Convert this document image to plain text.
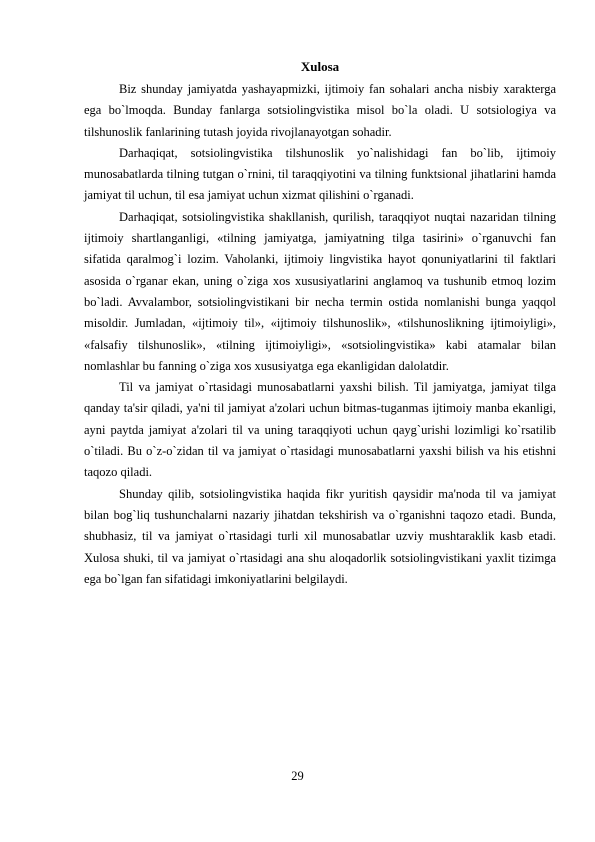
Xulosa

Biz shunday jamiyatda yashayapmizki, ijtimoiy fan sohalari ancha nisbiy xarakterga ega bo`lmoqda. Bunday fanlarga sotsiolingvistika misol bo`la oladi. U sotsiologiya va tilshunoslik fanlarining tutash joyida rivojlanayotgan sohadir.

Darhaqiqat, sotsiolingvistika tilshunoslik yo`nalishidagi fan bo`lib, ijtimoiy munosabatlarda tilning tutgan o`rnini, til taraqqiyotini va tilning funktsional jihatlarini hamda jamiyat til uchun, til esa jamiyat uchun xizmat qilishini o`rganadi.

Darhaqiqat, sotsiolingvistika shakllanish, qurilish, taraqqiyot nuqtai nazaridan tilning ijtimoiy shartlanganligi, «tilning jamiyatga, jamiyatning tilga tasirini» o`rganuvchi fan sifatida qaralmog`i lozim. Vaholanki, ijtimoiy lingvistika hayot qonuniyatlarini til faktlari asosida o`rganar ekan, uning o`ziga xos xususiyatlarini anglamoq va tushunib etmoq lozim bo`ladi. Avvalambor, sotsiolingvistikani bir necha termin ostida nomlanishi bunga yaqqol misoldir. Jumladan, «ijtimoiy til», «ijtimoiy tilshunoslik», «tilshunoslikning ijtimoiyligi», «falsafiy tilshunoslik», «tilning ijtimoiyligi», «sotsiolingvistika» kabi atamalar bilan nomlashlar bu fanning o`ziga xos xususiyatga ega ekanligidan dalolatdir.

Til va jamiyat o`rtasidagi munosabatlarni yaxshi bilish. Til jamiyatga, jamiyat tilga qanday ta'sir qiladi, ya'ni til jamiyat a'zolari uchun bitmas-tuganmas ijtimoiy manba ekanligi, ayni paytda jamiyat a'zolari til va uning taraqqiyoti uchun qayg`urishi lozimligi ko`rsatilib o`tiladi. Bu o`z-o`zidan til va jamiyat o`rtasidagi munosabatlarni yaxshi bilish va his etishni taqozo qiladi.

Shunday qilib, sotsiolingvistika haqida fikr yuritish qaysidir ma'noda til va jamiyat bilan bog`liq tushunchalarni nazariy jihatdan tekshirish va o`rganishni taqozo etadi. Bunda, shubhasiz, til va jamiyat o`rtasidagi turli xil munosabatlar uzviy mushtaraklik kasb etadi. Xulosa shuki, til va jamiyat o`rtasidagi ana shu aloqadorlik sotsiolingvistikani yaxlit tizimga ega bo`lgan fan sifatidagi imkoniyatlarini belgilaydi.

29
